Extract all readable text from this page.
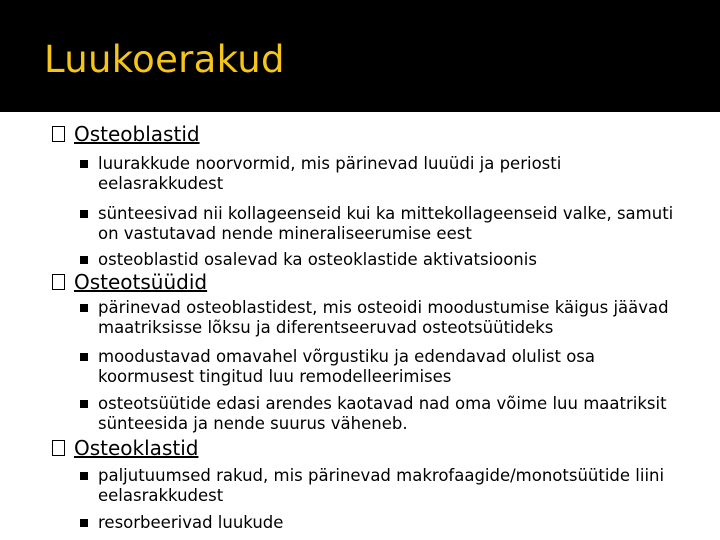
Luukoerakud
Osteoblastid
luurakkude noorvormid, mis pärinevad luuüdi ja periosti eelasrakkudest
sünteesivad nii kollageenseid kui ka mittekollageenseid valke, samuti on vastutavad nende mineraliseerumise eest
osteoblastid osalevad ka osteoklastide aktivatsioonis
Osteotsüüdid
pärinevad osteoblastidest, mis osteoidi moodustumise käigus jäävad maatriksisse lõksu ja diferentseeruvad osteotsüütideks
moodustavad omavahel võrgustiku ja edendavad olulist osa koormusest tingitud luu remodelleerimises
osteotsüütide edasi arendes kaotavad nad oma võime luu maatriksit sünteesida ja nende suurus väheneb.
Osteoklastid
paljutuumsed rakud, mis pärinevad makrofaagide/monotsüütide liini eelasrakkudest
resorbeerivad luukude
